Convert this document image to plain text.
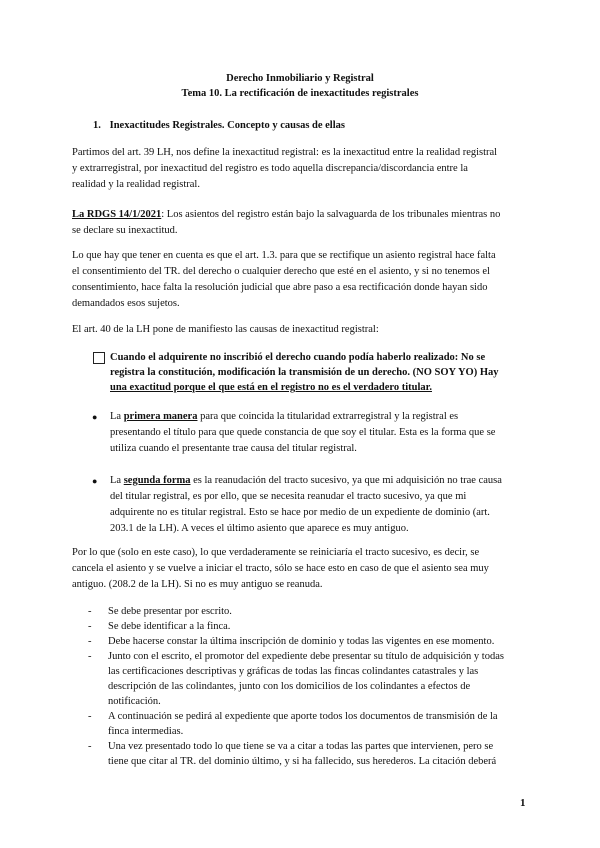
Derecho Inmobiliario y Registral
Tema 10. La rectificación de inexactitudes registrales
1. Inexactitudes Registrales. Concepto y causas de ellas
Partimos del art. 39 LH, nos define la inexactitud registral: es la inexactitud entre la realidad registral
y extrarregistral, por inexactitud del registro es todo aquella discrepancia/discordancia entre la
realidad y la realidad registral.
La RDGS 14/1/2021: Los asientos del registro están bajo la salvaguarda de los tribunales mientras no
se declare su inexactitud.
Lo que hay que tener en cuenta es que el art. 1.3. para que se rectifique un asiento registral hace falta
el consentimiento del TR. del derecho o cualquier derecho que esté en el asiento, y si no tenemos el
consentimiento, hace falta la resolución judicial que abre paso a esa rectificación donde hayan sido
demandados esos sujetos.
El art. 40 de la LH pone de manifiesto las causas de inexactitud registral:
Cuando el adquirente no inscribió el derecho cuando podía haberlo realizado: No se
registra la constitución, modificación la transmisión de un derecho. (NO SOY YO) Hay
una exactitud porque el que está en el registro no es el verdadero titular.
● La primera manera para que coincida la titularidad extrarregistral y la registral es
presentando el título para que quede constancia de que soy el titular. Esta es la forma que se
utiliza cuando el presentante trae causa del titular registral.
● La segunda forma es la reanudación del tracto sucesivo, ya que mi adquisición no trae causa
del titular registral, es por ello, que se necesita reanudar el tracto sucesivo, ya que mi
adquirente no es titular registral. Esto se hace por medio de un expediente de dominio (art.
203.1 de la LH). A veces el último asiento que aparece es muy antiguo.
Por lo que (solo en este caso), lo que verdaderamente se reiniciaría el tracto sucesivo, es decir, se
cancela el asiento y se vuelve a iniciar el tracto, sólo se hace esto en caso de que el asiento sea muy
antiguo. (208.2 de la LH). Si no es muy antiguo se reanuda.
- Se debe presentar por escrito.
- Se debe identificar a la finca.
- Debe hacerse constar la última inscripción de dominio y todas las vigentes en ese momento.
- Junto con el escrito, el promotor del expediente debe presentar su título de adquisición y todas
las certificaciones descriptivas y gráficas de todas las fincas colindantes catastrales y las
descripción de las colindantes, junto con los domicilios de los colindantes a efectos de
notificación.
- A continuación se pedirá al expediente que aporte todos los documentos de transmisión de la
finca intermedias.
- Una vez presentado todo lo que tiene se va a citar a todas las partes que intervienen, pero se
tiene que citar al TR. del dominio último, y si ha fallecido, sus herederos. La citación deberá
1
